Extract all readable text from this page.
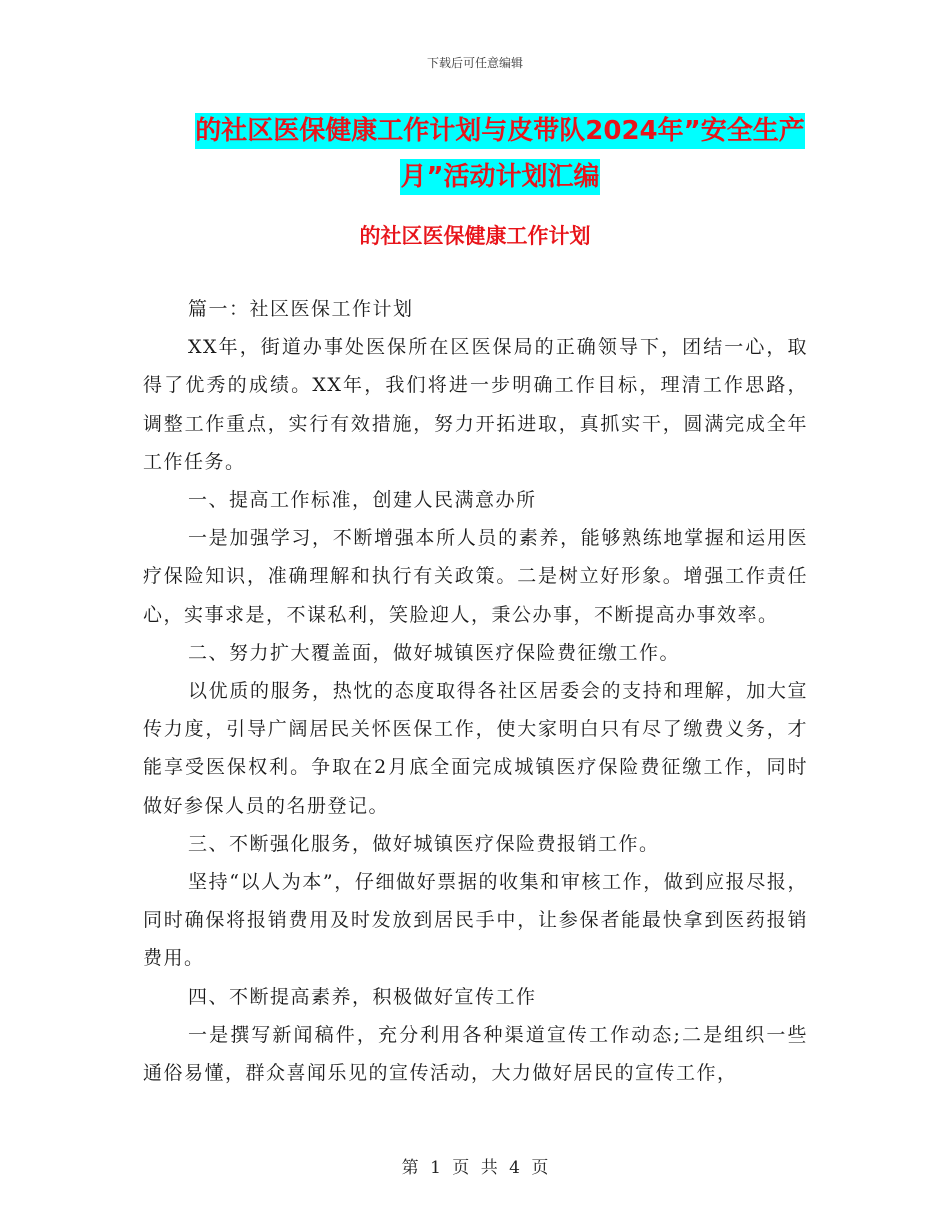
下载后可任意编辑
的社区医保健康工作计划与皮带队2024年”安全生产
月”活动计划汇编
的社区医保健康工作计划

篇一：社区医保工作计划

XX年，街道办事处医保所在区医保局的正确领导下，团结一心，取得了优秀的成绩。XX年，我们将进一步明确工作目标，理清工作思路，调整工作重点，实行有效措施，努力开拓进取，真抓实干，圆满完成全年工作任务。

一、提高工作标准，创建人民满意办所

一是加强学习，不断增强本所人员的素养，能够熟练地掌握和运用医疗保险知识，准确理解和执行有关政策。二是树立好形象。增强工作责任心，实事求是，不谋私利，笑脸迎人，秉公办事，不断提高办事效率。

二、努力扩大覆盖面，做好城镇医疗保险费征缴工作。

以优质的服务，热忱的态度取得各社区居委会的支持和理解，加大宣传力度，引导广阔居民关怀医保工作，使大家明白只有尽了缴费义务，才能享受医保权利。争取在2月底全面完成城镇医疗保险费征缴工作，同时做好参保人员的名册登记。

三、不断强化服务，做好城镇医疗保险费报销工作。

坚持“以人为本”，仔细做好票据的收集和审核工作，做到应报尽报，同时确保将报销费用及时发放到居民手中，让参保者能最快拿到医药报销费用。

四、不断提高素养，积极做好宣传工作

一是撰写新闻稿件，充分利用各种渠道宣传工作动态;二是组织一些通俗易懂，群众喜闻乐见的宣传活动，大力做好居民的宣传工作，

第 1 页 共 4 页
